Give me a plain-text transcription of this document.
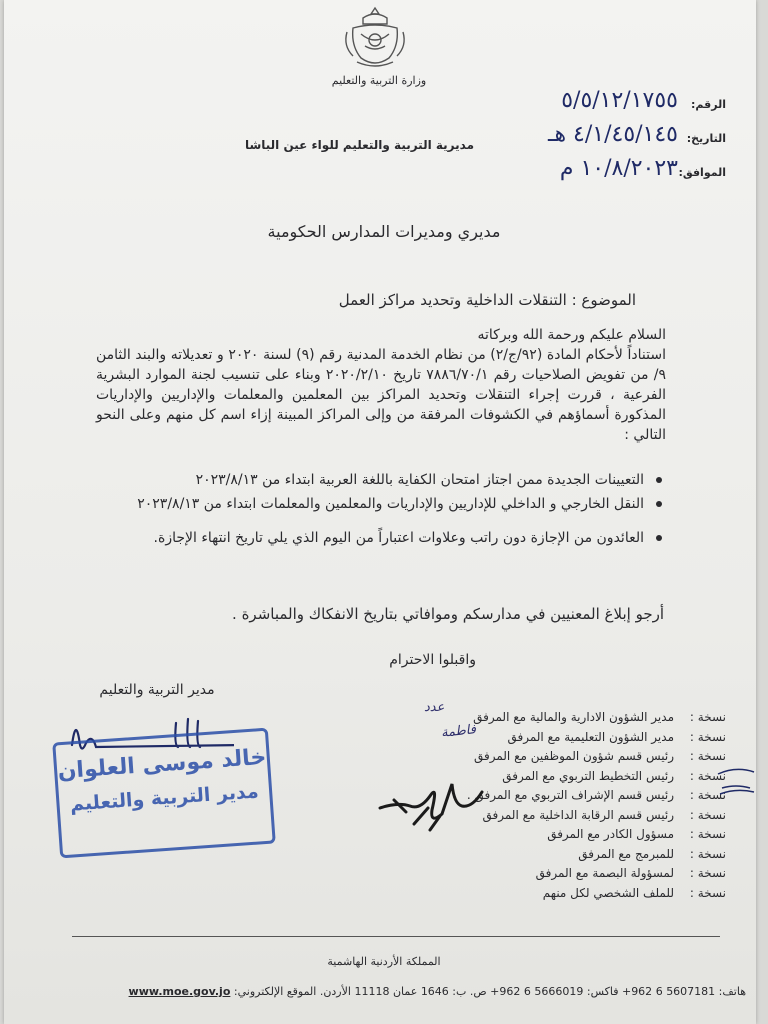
وزارة التربية والتعليم
الرقم:
٥/٥/١٢/١٧٥٥
التاريخ:
٤/١/٤٥/١٤٥ هـ
الموافق:
١٠/٨/٢٠٢٣ م
مديرية التربية والتعليم للواء عين الباشا
مديري ومديرات المدارس الحكومية
الموضوع : التنقلات الداخلية وتحديد مراكز العمل

السلام عليكم ورحمة الله وبركاته

استناداً لأحكام المادة (٩٢/ج/٢) من نظام الخدمة المدنية رقم (٩) لسنة ٢٠٢٠ و تعديلاته والبند الثامن ٩/ من تفويض الصلاحيات رقم ٧٨٨٦/٧٠/١ تاريخ ٢٠٢٠/٢/١٠ وبناء على تنسيب لجنة الموارد البشرية الفرعية ، قررت إجراء التنقلات وتحديد المراكز بين المعلمين والمعلمات والإداريين والإداريات المذكورة أسماؤهم في الكشوفات المرفقة من وإلى المراكز المبينة إزاء اسم كل منهم وعلى النحو التالي :

التعيينات الجديدة ممن اجتاز امتحان الكفاية باللغة العربية ابتداء من ٢٠٢٣/٨/١٣
النقل الخارجي و الداخلي للإداريين والإداريات والمعلمين والمعلمات ابتداء من ٢٠٢٣/٨/١٣
العائدون من الإجازة دون راتب وعلاوات اعتباراً من اليوم الذي يلي تاريخ انتهاء الإجازة.
أرجو إبلاغ المعنيين في مدارسكم وموافاتي بتاريخ الانفكاك والمباشرة .
واقبلوا الاحترام
مدير التربية والتعليم
خالد موسى العلوان
مدير التربية والتعليم
نسخة :مدير الشؤون الادارية والمالية مع المرفق
نسخة :مدير الشؤون التعليمية مع المرفق
نسخة :رئيس قسم شؤون الموظفين مع المرفق
نسخة :رئيس التخطيط التربوي مع المرفق
نسخة :رئيس قسم الإشراف التربوي مع المرفق .
نسخة :رئيس قسم الرقابة الداخلية مع المرفق
نسخة :مسؤول الكادر مع المرفق
نسخة :للمبرمج مع المرفق
نسخة :لمسؤولة البصمة مع المرفق
نسخة :للملف الشخصي لكل منهم
عدد
فاطمة
المملكة الأردنية الهاشمية
هاتف: 5607181 6 962+ فاكس: 5666019 6 962+ ص. ب: 1646 عمان 11118 الأردن. الموقع الإلكتروني: www.moe.gov.jo
